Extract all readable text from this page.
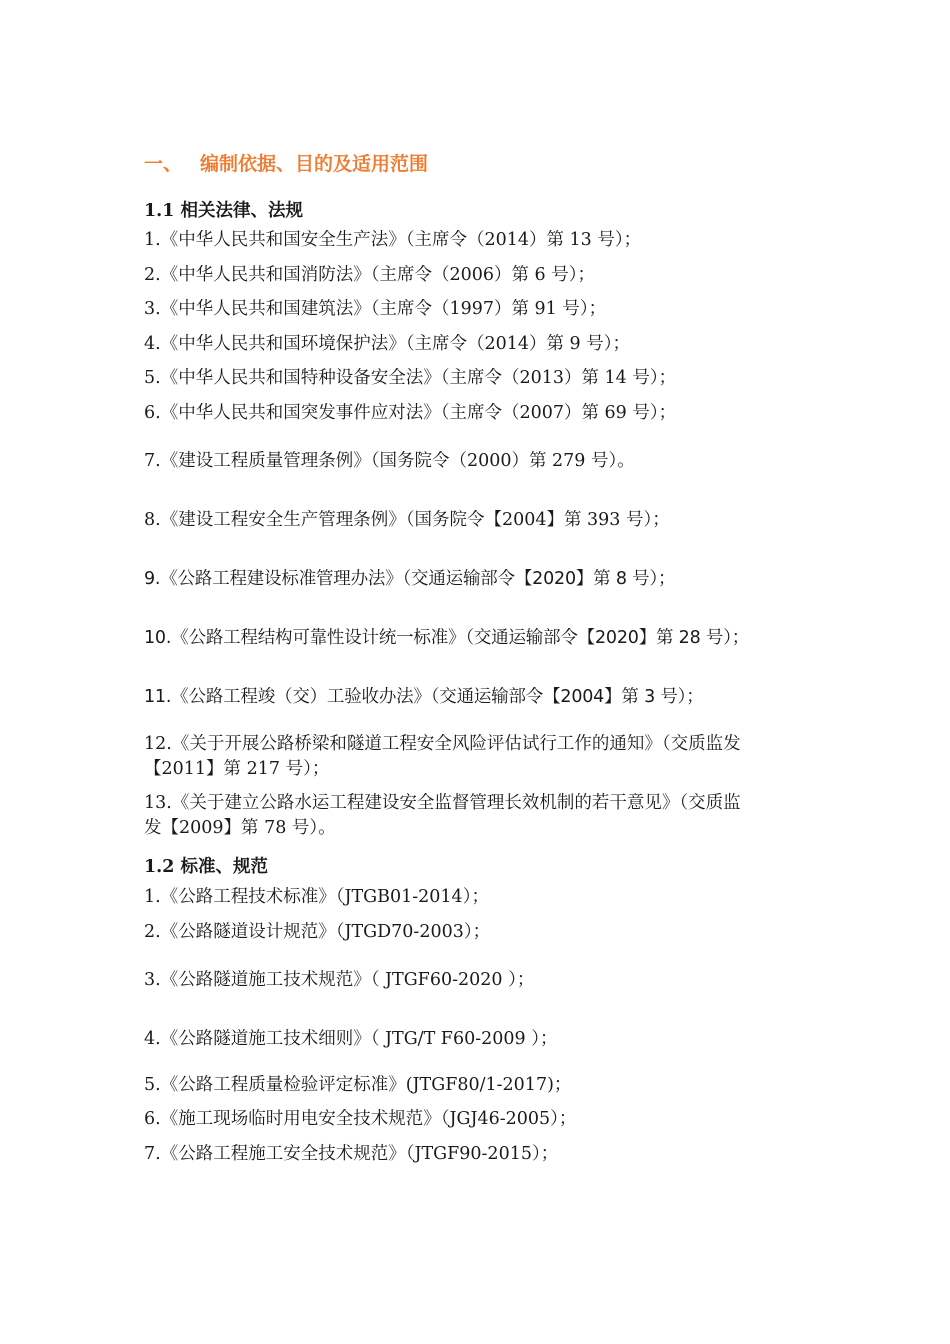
一、 编制依据、目的及适用范围
1.1 相关法律、法规
1.《中华人民共和国安全生产法》（主席令（2014）第 13 号）；
2.《中华人民共和国消防法》（主席令（2006）第 6 号）；
3.《中华人民共和国建筑法》（主席令（1997）第 91 号）；
4.《中华人民共和国环境保护法》（主席令（2014）第 9 号）；
5.《中华人民共和国特种设备安全法》（主席令（2013）第 14 号）；
6.《中华人民共和国突发事件应对法》（主席令（2007）第 69 号）；
7.《建设工程质量管理条例》（国务院令（2000）第 279 号）。
8.《建设工程安全生产管理条例》（国务院令【2004】第 393 号）；
9.《公路工程建设标准管理办法》（交通运输部令【2020】第 8 号）；
10.《公路工程结构可靠性设计统一标准》（交通运输部令【2020】第 28 号）；
11.《公路工程竣（交）工验收办法》（交通运输部令【2004】第 3 号）；
12.《关于开展公路桥梁和隧道工程安全风险评估试行工作的通知》（交质监发
【2011】第 217 号）；
13.《关于建立公路水运工程建设安全监督管理长效机制的若干意见》（交质监
发【2009】第 78 号）。
1.2 标准、规范
1.《公路工程技术标准》（JTGB01-2014）；
2.《公路隧道设计规范》（JTGD70-2003）；
3.《公路隧道施工技术规范》（ JTGF60-2020 ）；
4.《公路隧道施工技术细则》（ JTG/T F60-2009 ）；
5.《公路工程质量检验评定标准》(JTGF80/1-2017)；
6.《施工现场临时用电安全技术规范》（JGJ46-2005）；
7.《公路工程施工安全技术规范》（JTGF90-2015）；
